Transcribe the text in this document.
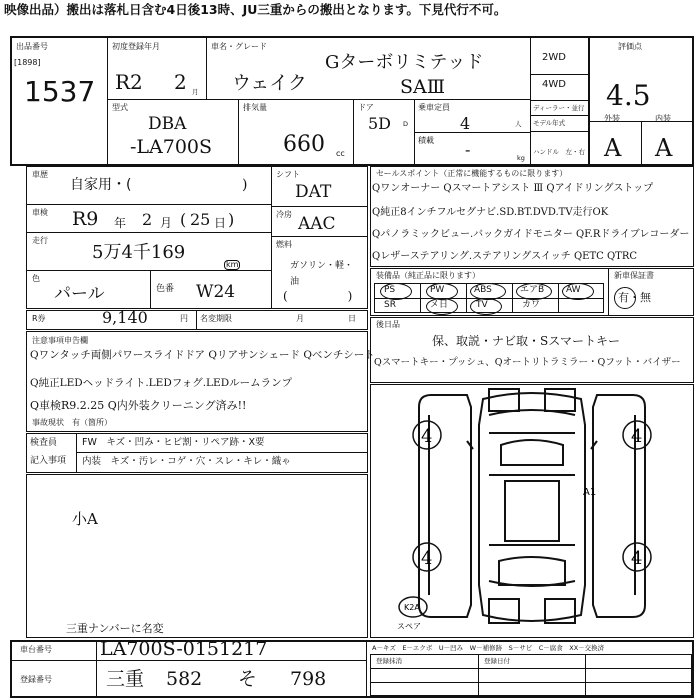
映像出品）搬出は落札日含む4日後13時、JU三重からの搬出となります。下見代行不可。
出品番号
[1898]
1537
初度登録年月
R2 2 月
車名・グレード
ウェイク
Gターボリミテッド
SAⅢ
型式
DBA
-LA700S
排気量
660 cc
ドア
5D D
乗車定員
4	人
積載 -	kg
2WD
4WD
ディーラー・並行
モデル年式
ハンドル　左・右
評価点
4.5
外装	内装
A A
車歴
自家用・(	)
車検 R9 年 2 月 ( 25 日 )
走行
5万4千169
km
色
パール	色番 W24
シフト
DAT
冷房 AAC
燃料
ガソリン・軽・油
(　　　　　)
R券	9,140	円 名変期限	月	日
注意事項申告欄
Qワンタッチ両側パワースライドドア Qリアサンシェード Qベンチシート
Q純正LEDヘッドライト.LEDフォグ.LEDルームランプ
Q車検R9.2.25 Q内外装クリーニング済み!!
事故現状　有（箇所）
検査員
記入事項
FW　キズ・凹み・ヒビ割・リペア跡・X要
内装　キズ・汚レ・コゲ・穴・スレ・キレ・織ゃ
小A
三重ナンバーに名変
セールスポイント（正常に機能するものに限ります）
Qワンオーナー Qスマートアシスト Ⅲ Qアイドリングストップ
Q純正8インチフルセグナビ.SD.BT.DVD.TV走行OK
Qパノラミックビュー.バックガイドモニター QF.Rドライブレコーダー
Qレザーステアリング.ステアリングスイッチ QETC QTRC
装備品（純正品に限ります）	新車保証書
有・無
PS	PW	ABS	エアB AW
SR	メ日	TV	カワ
後日品
保、取説・ナビ取・Sスマートキー
Qスマートキー・プッシュ、Qオートリトラミラー・Qフット・バイザー
4	4
4	4
A1
K2A
スペア
車台番号
登録番号
LA700S-0151217
三重 582 そ 798
A－キズ　E－エクボ　U－凹み　W－補修跡　S－サビ　C－腐食　XX－交換済
登録抹消	登録日付
